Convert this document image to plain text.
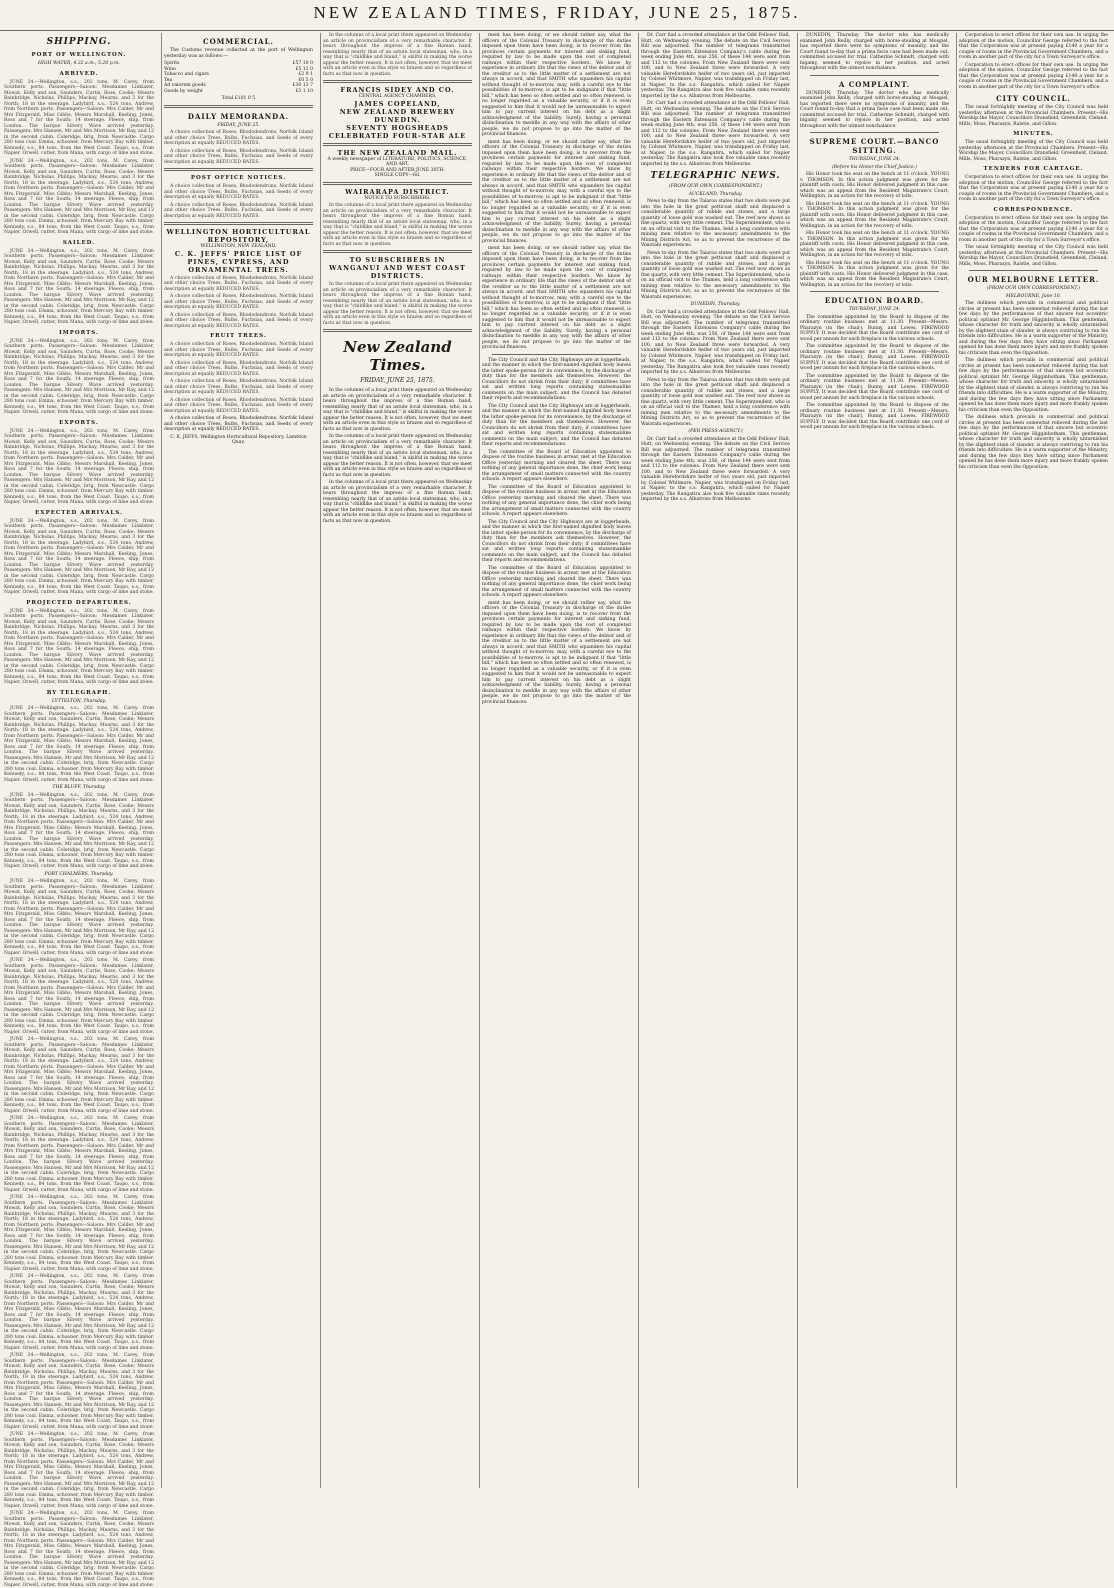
NEW ZEALAND TIMES, FRIDAY, JUNE 25, 1875.
SHIPPING.
PORT OF WELLINGTON.
HIGH WATER, 4.32 a.m.; 5.20 p.m.
ARRIVED.

JUNE 24.—Wellington, s.s., 202 tons, M. Carey, from Southern ports. Passengers—Saloon: Mesdames Linklater, Mowat, Kelly and son, Saunders, Curtis, Rose, Cooke; Messrs Bainbridge, Nicholas, Phillips, Mackay, Mearns, and 3 for the North; 18 in the steerage. Ladybird, s.s., 524 tons, Andrew, from Northern ports. Passengers—Saloon: Mrs Calder, Mr and Mrs Fitzgerald, Miss Gibbs; Messrs Marshall, Keeling, Jones, Ross and 7 for the South; 14 steerage. Fleece, ship, from London. The barque Silvery Wave arrived yesterday. Passengers: Mrs Hansen, Mr and Mrs Morrison, Mr Ray, and 12 in the second cabin. Coleridge, brig, from Newcastle. Cargo 280 tons coal. Emma, schooner, from Mercury Bay with timber. Kennedy, s.s., 84 tons, from the West Coast. Taupo, s.s., from Napier. Orwell, cutter, from Mana, with cargo of lime and stone.

JUNE 24.—Wellington, s.s., 202 tons, M. Carey, from Southern ports. Passengers—Saloon: Mesdames Linklater, Mowat, Kelly and son, Saunders, Curtis, Rose, Cooke; Messrs Bainbridge, Nicholas, Phillips, Mackay, Mearns, and 3 for the North; 18 in the steerage. Ladybird, s.s., 524 tons, Andrew, from Northern ports. Passengers—Saloon: Mrs Calder, Mr and Mrs Fitzgerald, Miss Gibbs; Messrs Marshall, Keeling, Jones, Ross and 7 for the South; 14 steerage. Fleece, ship, from London. The barque Silvery Wave arrived yesterday. Passengers: Mrs Hansen, Mr and Mrs Morrison, Mr Ray, and 12 in the second cabin. Coleridge, brig, from Newcastle. Cargo 280 tons coal. Emma, schooner, from Mercury Bay with timber. Kennedy, s.s., 84 tons, from the West Coast. Taupo, s.s., from Napier. Orwell, cutter, from Mana, with cargo of lime and stone.

SAILED.

JUNE 24.—Wellington, s.s., 202 tons, M. Carey, from Southern ports. Passengers—Saloon: Mesdames Linklater, Mowat, Kelly and son, Saunders, Curtis, Rose, Cooke; Messrs Bainbridge, Nicholas, Phillips, Mackay, Mearns, and 3 for the North; 18 in the steerage. Ladybird, s.s., 524 tons, Andrew, from Northern ports. Passengers—Saloon: Mrs Calder, Mr and Mrs Fitzgerald, Miss Gibbs; Messrs Marshall, Keeling, Jones, Ross and 7 for the South; 14 steerage. Fleece, ship, from London. The barque Silvery Wave arrived yesterday. Passengers: Mrs Hansen, Mr and Mrs Morrison, Mr Ray, and 12 in the second cabin. Coleridge, brig, from Newcastle. Cargo 280 tons coal. Emma, schooner, from Mercury Bay with timber. Kennedy, s.s., 84 tons, from the West Coast. Taupo, s.s., from Napier. Orwell, cutter, from Mana, with cargo of lime and stone.

IMPORTS.

JUNE 24.—Wellington, s.s., 202 tons, M. Carey, from Southern ports. Passengers—Saloon: Mesdames Linklater, Mowat, Kelly and son, Saunders, Curtis, Rose, Cooke; Messrs Bainbridge, Nicholas, Phillips, Mackay, Mearns, and 3 for the North; 18 in the steerage. Ladybird, s.s., 524 tons, Andrew, from Northern ports. Passengers—Saloon: Mrs Calder, Mr and Mrs Fitzgerald, Miss Gibbs; Messrs Marshall, Keeling, Jones, Ross and 7 for the South; 14 steerage. Fleece, ship, from London. The barque Silvery Wave arrived yesterday. Passengers: Mrs Hansen, Mr and Mrs Morrison, Mr Ray, and 12 in the second cabin. Coleridge, brig, from Newcastle. Cargo 280 tons coal. Emma, schooner, from Mercury Bay with timber. Kennedy, s.s., 84 tons, from the West Coast. Taupo, s.s., from Napier. Orwell, cutter, from Mana, with cargo of lime and stone.

EXPORTS.

JUNE 24.—Wellington, s.s., 202 tons, M. Carey, from Southern ports. Passengers—Saloon: Mesdames Linklater, Mowat, Kelly and son, Saunders, Curtis, Rose, Cooke; Messrs Bainbridge, Nicholas, Phillips, Mackay, Mearns, and 3 for the North; 18 in the steerage. Ladybird, s.s., 524 tons, Andrew, from Northern ports. Passengers—Saloon: Mrs Calder, Mr and Mrs Fitzgerald, Miss Gibbs; Messrs Marshall, Keeling, Jones, Ross and 7 for the South; 14 steerage. Fleece, ship, from London. The barque Silvery Wave arrived yesterday. Passengers: Mrs Hansen, Mr and Mrs Morrison, Mr Ray, and 12 in the second cabin. Coleridge, brig, from Newcastle. Cargo 280 tons coal. Emma, schooner, from Mercury Bay with timber. Kennedy, s.s., 84 tons, from the West Coast. Taupo, s.s., from Napier. Orwell, cutter, from Mana, with cargo of lime and stone.

EXPECTED ARRIVALS.

JUNE 24.—Wellington, s.s., 202 tons, M. Carey, from Southern ports. Passengers—Saloon: Mesdames Linklater, Mowat, Kelly and son, Saunders, Curtis, Rose, Cooke; Messrs Bainbridge, Nicholas, Phillips, Mackay, Mearns, and 3 for the North; 18 in the steerage. Ladybird, s.s., 524 tons, Andrew, from Northern ports. Passengers—Saloon: Mrs Calder, Mr and Mrs Fitzgerald, Miss Gibbs; Messrs Marshall, Keeling, Jones, Ross and 7 for the South; 14 steerage. Fleece, ship, from London. The barque Silvery Wave arrived yesterday. Passengers: Mrs Hansen, Mr and Mrs Morrison, Mr Ray, and 12 in the second cabin. Coleridge, brig, from Newcastle. Cargo 280 tons coal. Emma, schooner, from Mercury Bay with timber. Kennedy, s.s., 84 tons, from the West Coast. Taupo, s.s., from Napier. Orwell, cutter, from Mana, with cargo of lime and stone.

PROJECTED DEPARTURES.

JUNE 24.—Wellington, s.s., 202 tons, M. Carey, from Southern ports. Passengers—Saloon: Mesdames Linklater, Mowat, Kelly and son, Saunders, Curtis, Rose, Cooke; Messrs Bainbridge, Nicholas, Phillips, Mackay, Mearns, and 3 for the North; 18 in the steerage. Ladybird, s.s., 524 tons, Andrew, from Northern ports. Passengers—Saloon: Mrs Calder, Mr and Mrs Fitzgerald, Miss Gibbs; Messrs Marshall, Keeling, Jones, Ross and 7 for the South; 14 steerage. Fleece, ship, from London. The barque Silvery Wave arrived yesterday. Passengers: Mrs Hansen, Mr and Mrs Morrison, Mr Ray, and 12 in the second cabin. Coleridge, brig, from Newcastle. Cargo 280 tons coal. Emma, schooner, from Mercury Bay with timber. Kennedy, s.s., 84 tons, from the West Coast. Taupo, s.s., from Napier. Orwell, cutter, from Mana, with cargo of lime and stone.

BY TELEGRAPH.
LYTTELTON, Thursday.

JUNE 24.—Wellington, s.s., 202 tons, M. Carey, from Southern ports. Passengers—Saloon: Mesdames Linklater, Mowat, Kelly and son, Saunders, Curtis, Rose, Cooke; Messrs Bainbridge, Nicholas, Phillips, Mackay, Mearns, and 3 for the North; 18 in the steerage. Ladybird, s.s., 524 tons, Andrew, from Northern ports. Passengers—Saloon: Mrs Calder, Mr and Mrs Fitzgerald, Miss Gibbs; Messrs Marshall, Keeling, Jones, Ross and 7 for the South; 14 steerage. Fleece, ship, from London. The barque Silvery Wave arrived yesterday. Passengers: Mrs Hansen, Mr and Mrs Morrison, Mr Ray, and 12 in the second cabin. Coleridge, brig, from Newcastle. Cargo 280 tons coal. Emma, schooner, from Mercury Bay with timber. Kennedy, s.s., 84 tons, from the West Coast. Taupo, s.s., from Napier. Orwell, cutter, from Mana, with cargo of lime and stone.

THE BLUFF, Thursday.

JUNE 24.—Wellington, s.s., 202 tons, M. Carey, from Southern ports. Passengers—Saloon: Mesdames Linklater, Mowat, Kelly and son, Saunders, Curtis, Rose, Cooke; Messrs Bainbridge, Nicholas, Phillips, Mackay, Mearns, and 3 for the North; 18 in the steerage. Ladybird, s.s., 524 tons, Andrew, from Northern ports. Passengers—Saloon: Mrs Calder, Mr and Mrs Fitzgerald, Miss Gibbs; Messrs Marshall, Keeling, Jones, Ross and 7 for the South; 14 steerage. Fleece, ship, from London. The barque Silvery Wave arrived yesterday. Passengers: Mrs Hansen, Mr and Mrs Morrison, Mr Ray, and 12 in the second cabin. Coleridge, brig, from Newcastle. Cargo 280 tons coal. Emma, schooner, from Mercury Bay with timber. Kennedy, s.s., 84 tons, from the West Coast. Taupo, s.s., from Napier. Orwell, cutter, from Mana, with cargo of lime and stone.

PORT CHALMERS, Thursday.

JUNE 24.—Wellington, s.s., 202 tons, M. Carey, from Southern ports. Passengers—Saloon: Mesdames Linklater, Mowat, Kelly and son, Saunders, Curtis, Rose, Cooke; Messrs Bainbridge, Nicholas, Phillips, Mackay, Mearns, and 3 for the North; 18 in the steerage. Ladybird, s.s., 524 tons, Andrew, from Northern ports. Passengers—Saloon: Mrs Calder, Mr and Mrs Fitzgerald, Miss Gibbs; Messrs Marshall, Keeling, Jones, Ross and 7 for the South; 14 steerage. Fleece, ship, from London. The barque Silvery Wave arrived yesterday. Passengers: Mrs Hansen, Mr and Mrs Morrison, Mr Ray, and 12 in the second cabin. Coleridge, brig, from Newcastle. Cargo 280 tons coal. Emma, schooner, from Mercury Bay with timber. Kennedy, s.s., 84 tons, from the West Coast. Taupo, s.s., from Napier. Orwell, cutter, from Mana, with cargo of lime and stone.

JUNE 24.—Wellington, s.s., 202 tons, M. Carey, from Southern ports. Passengers—Saloon: Mesdames Linklater, Mowat, Kelly and son, Saunders, Curtis, Rose, Cooke; Messrs Bainbridge, Nicholas, Phillips, Mackay, Mearns, and 3 for the North; 18 in the steerage. Ladybird, s.s., 524 tons, Andrew, from Northern ports. Passengers—Saloon: Mrs Calder, Mr and Mrs Fitzgerald, Miss Gibbs; Messrs Marshall, Keeling, Jones, Ross and 7 for the South; 14 steerage. Fleece, ship, from London. The barque Silvery Wave arrived yesterday. Passengers: Mrs Hansen, Mr and Mrs Morrison, Mr Ray, and 12 in the second cabin. Coleridge, brig, from Newcastle. Cargo 280 tons coal. Emma, schooner, from Mercury Bay with timber. Kennedy, s.s., 84 tons, from the West Coast. Taupo, s.s., from Napier. Orwell, cutter, from Mana, with cargo of lime and stone.

JUNE 24.—Wellington, s.s., 202 tons, M. Carey, from Southern ports. Passengers—Saloon: Mesdames Linklater, Mowat, Kelly and son, Saunders, Curtis, Rose, Cooke; Messrs Bainbridge, Nicholas, Phillips, Mackay, Mearns, and 3 for the North; 18 in the steerage. Ladybird, s.s., 524 tons, Andrew, from Northern ports. Passengers—Saloon: Mrs Calder, Mr and Mrs Fitzgerald, Miss Gibbs; Messrs Marshall, Keeling, Jones, Ross and 7 for the South; 14 steerage. Fleece, ship, from London. The barque Silvery Wave arrived yesterday. Passengers: Mrs Hansen, Mr and Mrs Morrison, Mr Ray, and 12 in the second cabin. Coleridge, brig, from Newcastle. Cargo 280 tons coal. Emma, schooner, from Mercury Bay with timber. Kennedy, s.s., 84 tons, from the West Coast. Taupo, s.s., from Napier. Orwell, cutter, from Mana, with cargo of lime and stone.

JUNE 24.—Wellington, s.s., 202 tons, M. Carey, from Southern ports. Passengers—Saloon: Mesdames Linklater, Mowat, Kelly and son, Saunders, Curtis, Rose, Cooke; Messrs Bainbridge, Nicholas, Phillips, Mackay, Mearns, and 3 for the North; 18 in the steerage. Ladybird, s.s., 524 tons, Andrew, from Northern ports. Passengers—Saloon: Mrs Calder, Mr and Mrs Fitzgerald, Miss Gibbs; Messrs Marshall, Keeling, Jones, Ross and 7 for the South; 14 steerage. Fleece, ship, from London. The barque Silvery Wave arrived yesterday. Passengers: Mrs Hansen, Mr and Mrs Morrison, Mr Ray, and 12 in the second cabin. Coleridge, brig, from Newcastle. Cargo 280 tons coal. Emma, schooner, from Mercury Bay with timber. Kennedy, s.s., 84 tons, from the West Coast. Taupo, s.s., from Napier. Orwell, cutter, from Mana, with cargo of lime and stone.

JUNE 24.—Wellington, s.s., 202 tons, M. Carey, from Southern ports. Passengers—Saloon: Mesdames Linklater, Mowat, Kelly and son, Saunders, Curtis, Rose, Cooke; Messrs Bainbridge, Nicholas, Phillips, Mackay, Mearns, and 3 for the North; 18 in the steerage. Ladybird, s.s., 524 tons, Andrew, from Northern ports. Passengers—Saloon: Mrs Calder, Mr and Mrs Fitzgerald, Miss Gibbs; Messrs Marshall, Keeling, Jones, Ross and 7 for the South; 14 steerage. Fleece, ship, from London. The barque Silvery Wave arrived yesterday. Passengers: Mrs Hansen, Mr and Mrs Morrison, Mr Ray, and 12 in the second cabin. Coleridge, brig, from Newcastle. Cargo 280 tons coal. Emma, schooner, from Mercury Bay with timber. Kennedy, s.s., 84 tons, from the West Coast. Taupo, s.s., from Napier. Orwell, cutter, from Mana, with cargo of lime and stone.

JUNE 24.—Wellington, s.s., 202 tons, M. Carey, from Southern ports. Passengers—Saloon: Mesdames Linklater, Mowat, Kelly and son, Saunders, Curtis, Rose, Cooke; Messrs Bainbridge, Nicholas, Phillips, Mackay, Mearns, and 3 for the North; 18 in the steerage. Ladybird, s.s., 524 tons, Andrew, from Northern ports. Passengers—Saloon: Mrs Calder, Mr and Mrs Fitzgerald, Miss Gibbs; Messrs Marshall, Keeling, Jones, Ross and 7 for the South; 14 steerage. Fleece, ship, from London. The barque Silvery Wave arrived yesterday. Passengers: Mrs Hansen, Mr and Mrs Morrison, Mr Ray, and 12 in the second cabin. Coleridge, brig, from Newcastle. Cargo 280 tons coal. Emma, schooner, from Mercury Bay with timber. Kennedy, s.s., 84 tons, from the West Coast. Taupo, s.s., from Napier. Orwell, cutter, from Mana, with cargo of lime and stone.

JUNE 24.—Wellington, s.s., 202 tons, M. Carey, from Southern ports. Passengers—Saloon: Mesdames Linklater, Mowat, Kelly and son, Saunders, Curtis, Rose, Cooke; Messrs Bainbridge, Nicholas, Phillips, Mackay, Mearns, and 3 for the North; 18 in the steerage. Ladybird, s.s., 524 tons, Andrew, from Northern ports. Passengers—Saloon: Mrs Calder, Mr and Mrs Fitzgerald, Miss Gibbs; Messrs Marshall, Keeling, Jones, Ross and 7 for the South; 14 steerage. Fleece, ship, from London. The barque Silvery Wave arrived yesterday. Passengers: Mrs Hansen, Mr and Mrs Morrison, Mr Ray, and 12 in the second cabin. Coleridge, brig, from Newcastle. Cargo 280 tons coal. Emma, schooner, from Mercury Bay with timber. Kennedy, s.s., 84 tons, from the West Coast. Taupo, s.s., from Napier. Orwell, cutter, from Mana, with cargo of lime and stone.

JUNE 24.—Wellington, s.s., 202 tons, M. Carey, from Southern ports. Passengers—Saloon: Mesdames Linklater, Mowat, Kelly and son, Saunders, Curtis, Rose, Cooke; Messrs Bainbridge, Nicholas, Phillips, Mackay, Mearns, and 3 for the North; 18 in the steerage. Ladybird, s.s., 524 tons, Andrew, from Northern ports. Passengers—Saloon: Mrs Calder, Mr and Mrs Fitzgerald, Miss Gibbs; Messrs Marshall, Keeling, Jones, Ross and 7 for the South; 14 steerage. Fleece, ship, from London. The barque Silvery Wave arrived yesterday. Passengers: Mrs Hansen, Mr and Mrs Morrison, Mr Ray, and 12 in the second cabin. Coleridge, brig, from Newcastle. Cargo 280 tons coal. Emma, schooner, from Mercury Bay with timber. Kennedy, s.s., 84 tons, from the West Coast. Taupo, s.s., from Napier. Orwell, cutter, from Mana, with cargo of lime and stone.

JUNE 24.—Wellington, s.s., 202 tons, M. Carey, from Southern ports. Passengers—Saloon: Mesdames Linklater, Mowat, Kelly and son, Saunders, Curtis, Rose, Cooke; Messrs Bainbridge, Nicholas, Phillips, Mackay, Mearns, and 3 for the North; 18 in the steerage. Ladybird, s.s., 524 tons, Andrew, from Northern ports. Passengers—Saloon: Mrs Calder, Mr and Mrs Fitzgerald, Miss Gibbs; Messrs Marshall, Keeling, Jones, Ross and 7 for the South; 14 steerage. Fleece, ship, from London. The barque Silvery Wave arrived yesterday. Passengers: Mrs Hansen, Mr and Mrs Morrison, Mr Ray, and 12 in the second cabin. Coleridge, brig, from Newcastle. Cargo 280 tons coal. Emma, schooner, from Mercury Bay with timber. Kennedy, s.s., 84 tons, from the West Coast. Taupo, s.s., from Napier. Orwell, cutter, from Mana, with cargo of lime and stone.

COMMERCIAL.

The Customs revenue collected at the port of Wellington yesterday was as follows:—

Spirits	£57 10 0
Wine	£5 11 0
Tobacco and cigars	£2 9 1
Tea	£0 5 0
Ad valorem goods	£30 13 7
Goods by weight	£3 1 10
Total £101 0 5
DAILY MEMORANDA.
FRIDAY, JUNE 25.

A choice collection of Roses, Rhododendrons, Norfolk Island and other choice Trees, Bulbs, Fuchsias, and Seeds of every description at equally REDUCED RATES.

A choice collection of Roses, Rhododendrons, Norfolk Island and other choice Trees, Bulbs, Fuchsias, and Seeds of every description at equally REDUCED RATES.

POST OFFICE NOTICES.

A choice collection of Roses, Rhododendrons, Norfolk Island and other choice Trees, Bulbs, Fuchsias, and Seeds of every description at equally REDUCED RATES.

A choice collection of Roses, Rhododendrons, Norfolk Island and other choice Trees, Bulbs, Fuchsias, and Seeds of every description at equally REDUCED RATES.

WELLINGTON HORTICULTURAL REPOSITORY,
WELLINGTON, NEW ZEALAND.
C. K. JEFFS' PRICE LIST OF PINES, CYPRESS, AND ORNAMENTAL TREES.

A choice collection of Roses, Rhododendrons, Norfolk Island and other choice Trees, Bulbs, Fuchsias, and Seeds of every description at equally REDUCED RATES.

A choice collection of Roses, Rhododendrons, Norfolk Island and other choice Trees, Bulbs, Fuchsias, and Seeds of every description at equally REDUCED RATES.

A choice collection of Roses, Rhododendrons, Norfolk Island and other choice Trees, Bulbs, Fuchsias, and Seeds of every description at equally REDUCED RATES.

FRUIT TREES.

A choice collection of Roses, Rhododendrons, Norfolk Island and other choice Trees, Bulbs, Fuchsias, and Seeds of every description at equally REDUCED RATES.

A choice collection of Roses, Rhododendrons, Norfolk Island and other choice Trees, Bulbs, Fuchsias, and Seeds of every description at equally REDUCED RATES.

A choice collection of Roses, Rhododendrons, Norfolk Island and other choice Trees, Bulbs, Fuchsias, and Seeds of every description at equally REDUCED RATES.

A choice collection of Roses, Rhododendrons, Norfolk Island and other choice Trees, Bulbs, Fuchsias, and Seeds of every description at equally REDUCED RATES.

A choice collection of Roses, Rhododendrons, Norfolk Island and other choice Trees, Bulbs, Fuchsias, and Seeds of every description at equally REDUCED RATES.

C. K. JEFFS, Wellington Horticultural Repository, Lambton Quay.

In the columns of a local print there appeared on Wednesday an article on provincialism of a very remarkable character. It bears throughout the impress of a fine Roman hand, resembling nearly that of an astute local statesman, who, in a way that is "childlike and bland," is skilful in making the worse appear the better reason. It is not often, however, that we meet with an article even in this style so brazen and so regardless of facts as that now in question.

FRANCIS SIDEY AND CO.
CENTRAL AGENCY CHAMBERS,
JAMES COPELAND,
NEW ZEALAND BREWERY DUNEDIN.
SEVENTY HOGSHEADS
CELEBRATED FOUR-STAR ALE
THE NEW ZEALAND MAIL.
A weekly newspaper of LITERATURE, POLITICS, SCIENCE, AND ART.
PRICE—FOUR AND AFTER JUNE 30TH.
SINGLE COPY—6d.
WAIRARAPA DISTRICT.
NOTICE TO SUBSCRIBERS.

In the columns of a local print there appeared on Wednesday an article on provincialism of a very remarkable character. It bears throughout the impress of a fine Roman hand, resembling nearly that of an astute local statesman, who, in a way that is "childlike and bland," is skilful in making the worse appear the better reason. It is not often, however, that we meet with an article even in this style so brazen and so regardless of facts as that now in question.

TO SUBSCRIBERS IN WANGANUI AND WEST COAST DISTRICTS.

In the columns of a local print there appeared on Wednesday an article on provincialism of a very remarkable character. It bears throughout the impress of a fine Roman hand, resembling nearly that of an astute local statesman, who, in a way that is "childlike and bland," is skilful in making the worse appear the better reason. It is not often, however, that we meet with an article even in this style so brazen and so regardless of facts as that now in question.

New Zealand Times.
FRIDAY, JUNE 25, 1875.

In the columns of a local print there appeared on Wednesday an article on provincialism of a very remarkable character. It bears throughout the impress of a fine Roman hand, resembling nearly that of an astute local statesman, who, in a way that is "childlike and bland," is skilful in making the worse appear the better reason. It is not often, however, that we meet with an article even in this style so brazen and so regardless of facts as that now in question.

In the columns of a local print there appeared on Wednesday an article on provincialism of a very remarkable character. It bears throughout the impress of a fine Roman hand, resembling nearly that of an astute local statesman, who, in a way that is "childlike and bland," is skilful in making the worse appear the better reason. It is not often, however, that we meet with an article even in this style so brazen and so regardless of facts as that now in question.

In the columns of a local print there appeared on Wednesday an article on provincialism of a very remarkable character. It bears throughout the impress of a fine Roman hand, resembling nearly that of an astute local statesman, who, in a way that is "childlike and bland," is skilful in making the worse appear the better reason. It is not often, however, that we meet with an article even in this style so brazen and so regardless of facts as that now in question.

ment has been doing, or we should rather say, what the officers of the Colonial Treasury in discharge of the duties imposed upon them have been doing, is to recover from the provinces certain payments for interest and sinking fund, required by law to be made upon the cost of completed railways within their respective borders. We know by experience in ordinary life that the views of the debtor and of the creditor as to the little matter of a settlement are not always in accord, and that SMITH who squanders his capital without thought of to-morrow, may, with a careful eye to the possibilities of to-morrow, is apt to be indignant if that "little bill," which has been so often settled and so often renewed, is no longer regarded as a valuable security, or if it is even suggested to him that it would not be unreasonable to expect him to pay current interest on his debt as a slight acknowledgment of the liability. Surely, having a personal disinclination to meddle in any way with the affairs of other people, we do not propose to go into the matter of the provincial finances.

ment has been doing, or we should rather say, what the officers of the Colonial Treasury in discharge of the duties imposed upon them have been doing, is to recover from the provinces certain payments for interest and sinking fund, required by law to be made upon the cost of completed railways within their respective borders. We know by experience in ordinary life that the views of the debtor and of the creditor as to the little matter of a settlement are not always in accord, and that SMITH who squanders his capital without thought of to-morrow, may, with a careful eye to the possibilities of to-morrow, is apt to be indignant if that "little bill," which has been so often settled and so often renewed, is no longer regarded as a valuable security, or if it is even suggested to him that it would not be unreasonable to expect him to pay current interest on his debt as a slight acknowledgment of the liability. Surely, having a personal disinclination to meddle in any way with the affairs of other people, we do not propose to go into the matter of the provincial finances.

ment has been doing, or we should rather say, what the officers of the Colonial Treasury in discharge of the duties imposed upon them have been doing, is to recover from the provinces certain payments for interest and sinking fund, required by law to be made upon the cost of completed railways within their respective borders. We know by experience in ordinary life that the views of the debtor and of the creditor as to the little matter of a settlement are not always in accord, and that SMITH who squanders his capital without thought of to-morrow, may, with a careful eye to the possibilities of to-morrow, is apt to be indignant if that "little bill," which has been so often settled and so often renewed, is no longer regarded as a valuable security, or if it is even suggested to him that it would not be unreasonable to expect him to pay current interest on his debt as a slight acknowledgment of the liability. Surely, having a personal disinclination to meddle in any way with the affairs of other people, we do not propose to go into the matter of the provincial finances.

The City Council and the City Highways are at loggerheads, and the manner in which the first-named dignified body leaves the latter spoke-person for its convenience, by the discharge of duty than for the members ask themselves. However, the Councillors do not shrink from their duty; if committees have sat and written long reports containing statesmanlike comments on the main subject, and the Council has debated their reports and recommendations.

The City Council and the City Highways are at loggerheads, and the manner in which the first-named dignified body leaves the latter spoke-person for its convenience, by the discharge of duty than for the members ask themselves. However, the Councillors do not shrink from their duty; if committees have sat and written long reports containing statesmanlike comments on the main subject, and the Council has debated their reports and recommendations.

The committee of the Board of Education appointed to dispose of the routine business in arrear, met at the Education Office yesterday morning and cleared the sheet. There was nothing of any general importance done, the chief work being the arrangement of small matters connected with the country schools. A report appears elsewhere.

The committee of the Board of Education appointed to dispose of the routine business in arrear, met at the Education Office yesterday morning and cleared the sheet. There was nothing of any general importance done, the chief work being the arrangement of small matters connected with the country schools. A report appears elsewhere.

The City Council and the City Highways are at loggerheads, and the manner in which the first-named dignified body leaves the latter spoke-person for its convenience, by the discharge of duty than for the members ask themselves. However, the Councillors do not shrink from their duty; if committees have sat and written long reports containing statesmanlike comments on the main subject, and the Council has debated their reports and recommendations.

The committee of the Board of Education appointed to dispose of the routine business in arrear, met at the Education Office yesterday morning and cleared the sheet. There was nothing of any general importance done, the chief work being the arrangement of small matters connected with the country schools. A report appears elsewhere.

ment has been doing, or we should rather say, what the officers of the Colonial Treasury in discharge of the duties imposed upon them have been doing, is to recover from the provinces certain payments for interest and sinking fund, required by law to be made upon the cost of completed railways within their respective borders. We know by experience in ordinary life that the views of the debtor and of the creditor as to the little matter of a settlement are not always in accord, and that SMITH who squanders his capital without thought of to-morrow, may, with a careful eye to the possibilities of to-morrow, is apt to be indignant if that "little bill," which has been so often settled and so often renewed, is no longer regarded as a valuable security, or if it is even suggested to him that it would not be unreasonable to expect him to pay current interest on his debt as a slight acknowledgment of the liability. Surely, having a personal disinclination to meddle in any way with the affairs of other people, we do not propose to go into the matter of the provincial finances.

Dr. Carr had a crowded attendance at the Odd Fellows' Hall, Hutt, on Wednesday evening. The debate on the Civil Service Bill was adjourned. The number of telegrams transmitted through the Eastern Extension Company's cable during the week ending June 4th, was 256, of these 144 were sent from and 112 to the colonies. From New Zealand there were sent 100, and to New Zealand three were forwarded. A very valuable Herefordshire heifer of two years old, just imported by Colonel Whitmore, Napier, was transhipped on Friday last, at Napier, to the s.s. Rangatira, which sailed for Napier yesterday. The Rangatira also took five valuable rams recently imported by the s.s. Albatross from Melbourne.

Dr. Carr had a crowded attendance at the Odd Fellows' Hall, Hutt, on Wednesday evening. The debate on the Civil Service Bill was adjourned. The number of telegrams transmitted through the Eastern Extension Company's cable during the week ending June 4th, was 256, of these 144 were sent from and 112 to the colonies. From New Zealand there were sent 100, and to New Zealand three were forwarded. A very valuable Herefordshire heifer of two years old, just imported by Colonel Whitmore, Napier, was transhipped on Friday last, at Napier, to the s.s. Rangatira, which sailed for Napier yesterday. The Rangatira also took five valuable rams recently imported by the s.s. Albatross from Melbourne.

TELEGRAPHIC NEWS.
(FROM OUR OWN CORRESPONDENT.)
AUCKLAND, Thursday.

News to-day from the Taiaroa states that two shots were put into the hole in the great petticoat shaft and displaced a considerable quantity of rubble and stones, and a large quantity of loose gold was washed out. The reef now shows as fine quartz, with very little cement. The Superintendent, who is on an official visit to the Thames, held a long conference with mining men relative to the necessary amendments to the Mining Districts Act, so as to prevent the recurrence of the Waiotahi experiences.

News to-day from the Taiaroa states that two shots were put into the hole in the great petticoat shaft and displaced a considerable quantity of rubble and stones, and a large quantity of loose gold was washed out. The reef now shows as fine quartz, with very little cement. The Superintendent, who is on an official visit to the Thames, held a long conference with mining men relative to the necessary amendments to the Mining Districts Act, so as to prevent the recurrence of the Waiotahi experiences.

DUNEDIN, Thursday.

Dr. Carr had a crowded attendance at the Odd Fellows' Hall, Hutt, on Wednesday evening. The debate on the Civil Service Bill was adjourned. The number of telegrams transmitted through the Eastern Extension Company's cable during the week ending June 4th, was 256, of these 144 were sent from and 112 to the colonies. From New Zealand there were sent 100, and to New Zealand three were forwarded. A very valuable Herefordshire heifer of two years old, just imported by Colonel Whitmore, Napier, was transhipped on Friday last, at Napier, to the s.s. Rangatira, which sailed for Napier yesterday. The Rangatira also took five valuable rams recently imported by the s.s. Albatross from Melbourne.

News to-day from the Taiaroa states that two shots were put into the hole in the great petticoat shaft and displaced a considerable quantity of rubble and stones, and a large quantity of loose gold was washed out. The reef now shows as fine quartz, with very little cement. The Superintendent, who is on an official visit to the Thames, held a long conference with mining men relative to the necessary amendments to the Mining Districts Act, so as to prevent the recurrence of the Waiotahi experiences.

(PER PRESS AGENCY.)

Dr. Carr had a crowded attendance at the Odd Fellows' Hall, Hutt, on Wednesday evening. The debate on the Civil Service Bill was adjourned. The number of telegrams transmitted through the Eastern Extension Company's cable during the week ending June 4th, was 256, of these 144 were sent from and 112 to the colonies. From New Zealand there were sent 100, and to New Zealand three were forwarded. A very valuable Herefordshire heifer of two years old, just imported by Colonel Whitmore, Napier, was transhipped on Friday last, at Napier, to the s.s. Rangatira, which sailed for Napier yesterday. The Rangatira also took five valuable rams recently imported by the s.s. Albatross from Melbourne.

DUNEDIN, Thursday. The doctor who has medically examined John Reilly, charged with horse-stealing at Mosgiel, has reported there were no symptoms of insanity, and the Court found to-day that a prima facie case had been made out, committed accused for trial. Catherine Schmidt, charged with bigamy, seemed to rejoice in her position, and acted throughout with the utmost nonchalance.

A COMPLAINT.

DUNEDIN, Thursday. The doctor who has medically examined John Reilly, charged with horse-stealing at Mosgiel, has reported there were no symptoms of insanity, and the Court found to-day that a prima facie case had been made out, committed accused for trial. Catherine Schmidt, charged with bigamy, seemed to rejoice in her position, and acted throughout with the utmost nonchalance.

SUPREME COURT.—BANCO SITTING.
THURSDAY, JUNE 24.
(Before his Honor the Chief Justice.)

His Honor took his seat on the bench at 11 o'clock. YOUNG v. THOMSON. In this action judgment was given for the plaintiff with costs. His Honor delivered judgment in this case, which was an appeal from the Resident Magistrate's Court, Wellington, in an action for the recovery of tolls.

His Honor took his seat on the bench at 11 o'clock. YOUNG v. THOMSON. In this action judgment was given for the plaintiff with costs. His Honor delivered judgment in this case, which was an appeal from the Resident Magistrate's Court, Wellington, in an action for the recovery of tolls.

His Honor took his seat on the bench at 11 o'clock. YOUNG v. THOMSON. In this action judgment was given for the plaintiff with costs. His Honor delivered judgment in this case, which was an appeal from the Resident Magistrate's Court, Wellington, in an action for the recovery of tolls.

His Honor took his seat on the bench at 11 o'clock. YOUNG v. THOMSON. In this action judgment was given for the plaintiff with costs. His Honor delivered judgment in this case, which was an appeal from the Resident Magistrate's Court, Wellington, in an action for the recovery of tolls.

EDUCATION BOARD.
THURSDAY, JUNE 24.

The committee appointed by the Board to dispose of the ordinary routine business met at 11.30. Present—Messrs. Pharazyn (in the chair), Bunny, and Lowes. FIREWOOD SUPPLY. It was decided that the Board contribute one cord of wood per annum for each fireplace in the various schools.

The committee appointed by the Board to dispose of the ordinary routine business met at 11.30. Present—Messrs. Pharazyn (in the chair), Bunny, and Lowes. FIREWOOD SUPPLY. It was decided that the Board contribute one cord of wood per annum for each fireplace in the various schools.

The committee appointed by the Board to dispose of the ordinary routine business met at 11.30. Present—Messrs. Pharazyn (in the chair), Bunny, and Lowes. FIREWOOD SUPPLY. It was decided that the Board contribute one cord of wood per annum for each fireplace in the various schools.

The committee appointed by the Board to dispose of the ordinary routine business met at 11.30. Present—Messrs. Pharazyn (in the chair), Bunny, and Lowes. FIREWOOD SUPPLY. It was decided that the Board contribute one cord of wood per annum for each fireplace in the various schools.

Corporation to erect offices for their own use. In urging the adoption of the motion, Councillor George referred to the fact that the Corporation was at present paying £140 a year for a couple of rooms in the Provincial Government Chambers, and a room in another part of the city for a Town Surveyor's office.

Corporation to erect offices for their own use. In urging the adoption of the motion, Councillor George referred to the fact that the Corporation was at present paying £140 a year for a couple of rooms in the Provincial Government Chambers, and a room in another part of the city for a Town Surveyor's office.

CITY COUNCIL.

The usual fortnightly meeting of the City Council was held yesterday afternoon at the Provincial Chambers. Present—His Worship the Mayor, Councillors Dransfield, Greenfield, Cleland, Mills, Moss, Pharazyn, Ralstie, and Gillon.

MINUTES.

The usual fortnightly meeting of the City Council was held yesterday afternoon at the Provincial Chambers. Present—His Worship the Mayor, Councillors Dransfield, Greenfield, Cleland, Mills, Moss, Pharazyn, Ralstie, and Gillon.

TENDERS FOR CARTAGE.

Corporation to erect offices for their own use. In urging the adoption of the motion, Councillor George referred to the fact that the Corporation was at present paying £140 a year for a couple of rooms in the Provincial Government Chambers, and a room in another part of the city for a Town Surveyor's office.

CORRESPONDENCE.

Corporation to erect offices for their own use. In urging the adoption of the motion, Councillor George referred to the fact that the Corporation was at present paying £140 a year for a couple of rooms in the Provincial Government Chambers, and a room in another part of the city for a Town Surveyor's office.

The usual fortnightly meeting of the City Council was held yesterday afternoon at the Provincial Chambers. Present—His Worship the Mayor, Councillors Dransfield, Greenfield, Cleland, Mills, Moss, Pharazyn, Ralstie, and Gillon.

OUR MELBOURNE LETTER.
(FROM OUR OWN CORRESPONDENT.)
MELBOURNE, June 10.

The dullness which prevails in commercial and political circles at present has been somewhat relieved during the last few days by the performances of that sincere but eccentric political optimist Mr. George Higginbotham. This gentleman, whose character for truth and sincerity is wholly untarnished by the slightest stain of slander, is always contriving to run his friends into difficulties. He is a warm supporter of the Ministry, and during the few days they have sitting since Parliament opened he has done them more injury and more frankly spoken his criticism than even the Opposition.

The dullness which prevails in commercial and political circles at present has been somewhat relieved during the last few days by the performances of that sincere but eccentric political optimist Mr. George Higginbotham. This gentleman, whose character for truth and sincerity is wholly untarnished by the slightest stain of slander, is always contriving to run his friends into difficulties. He is a warm supporter of the Ministry, and during the few days they have sitting since Parliament opened he has done them more injury and more frankly spoken his criticism than even the Opposition.

The dullness which prevails in commercial and political circles at present has been somewhat relieved during the last few days by the performances of that sincere but eccentric political optimist Mr. George Higginbotham. This gentleman, whose character for truth and sincerity is wholly untarnished by the slightest stain of slander, is always contriving to run his friends into difficulties. He is a warm supporter of the Ministry, and during the few days they have sitting since Parliament opened he has done them more injury and more frankly spoken his criticism than even the Opposition.
